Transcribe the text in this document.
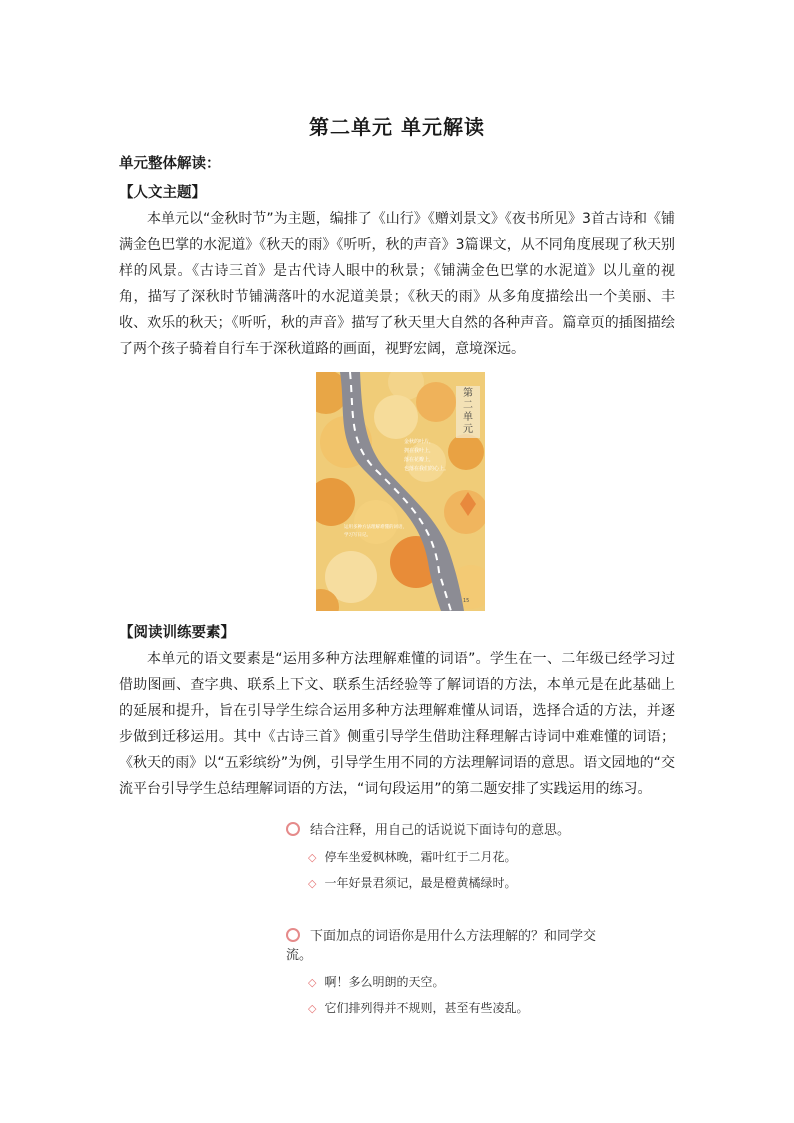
第二单元 单元解读
单元整体解读：
【人文主题】
本单元以“金秋时节”为主题，编排了《山行》《赠刘景文》《夜书所见》3首古诗和《铺满金色巴掌的水泥道》《秋天的雨》《听听，秋的声音》3篇课文，从不同角度展现了秋天别样的风景。《古诗三首》是古代诗人眼中的秋景；《铺满金色巴掌的水泥道》以儿童的视角，描写了深秋时节铺满落叶的水泥道美景；《秋天的雨》从多角度描绘出一个美丽、丰收、欢乐的秋天；《听听，秋的声音》描写了秋天里大自然的各种声音。篇章页的插图描绘了两个孩子骑着自行车于深秋道路的画面，视野宏阔，意境深远。
第二单元
金秋的叶片，
拥在我叶上，
落在花瓣上，
也落在我们的心上。
运用多种方法理解难懂的词语，
学习写日记。
15
【阅读训练要素】
本单元的语文要素是“运用多种方法理解难懂的词语”。学生在一、二年级已经学习过借助图画、查字典、联系上下文、联系生活经验等了解词语的方法，本单元是在此基础上的延展和提升，旨在引导学生综合运用多种方法理解难懂从词语，选择合适的方法，并逐步做到迁移运用。其中《古诗三首》侧重引导学生借助注释理解古诗词中难难懂的词语；《秋天的雨》以“五彩缤纷”为例，引导学生用不同的方法理解词语的意思。语文园地的“交流平台引导学生总结理解词语的方法，“词句段运用”的第二题安排了实践运用的练习。
结合注释，用自己的话说说下面诗句的意思。
◇ 停车坐爱枫林晚，霜叶红于二月花。
◇ 一年好景君须记，最是橙黄橘绿时。
下面加点的词语你是用什么方法理解的？和同学交流。
◇ 啊！多么明朗的天空。
◇ 它们排列得并不规则，甚至有些凌乱。
